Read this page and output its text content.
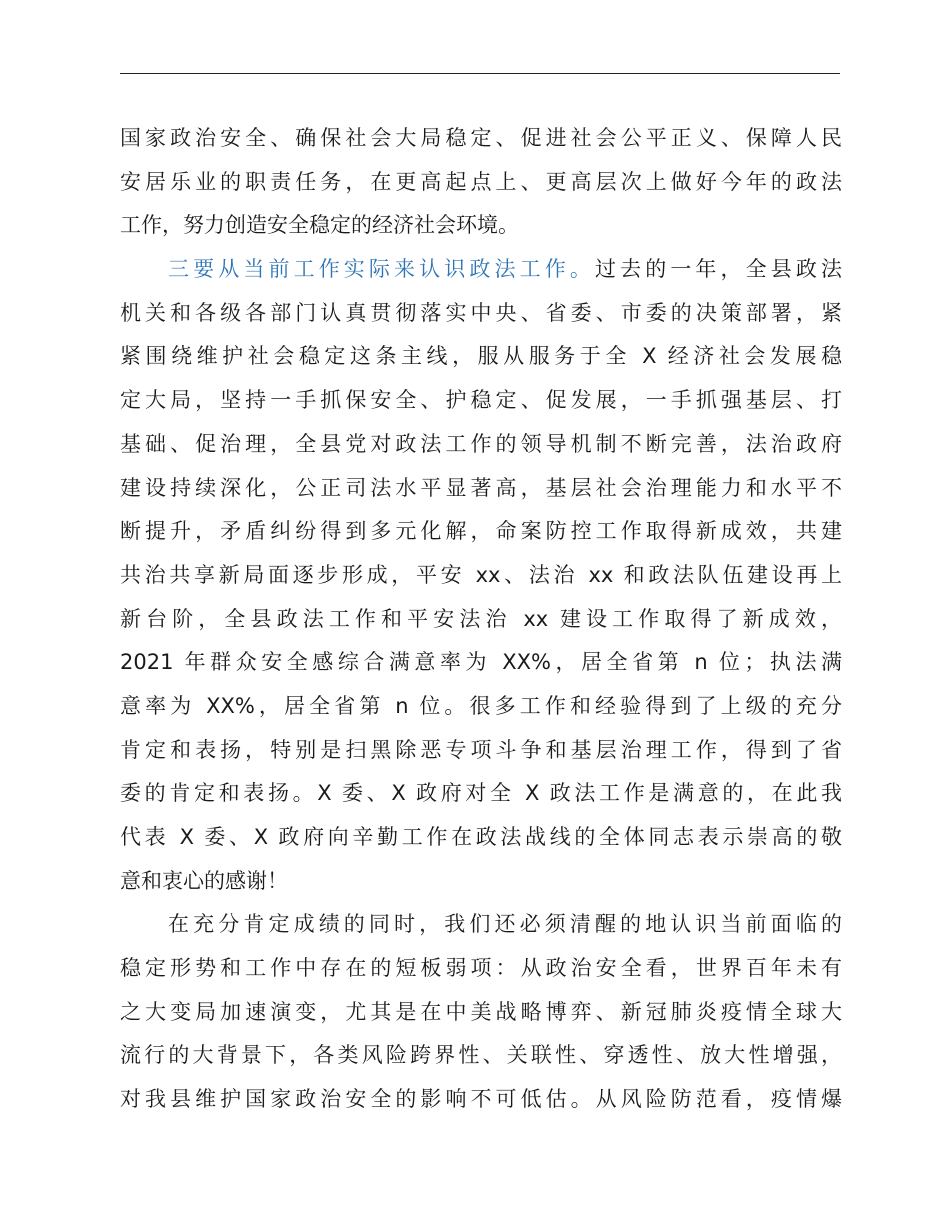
国家政治安全、确保社会大局稳定、促进社会公平正义、保障人民
安居乐业的职责任务，在更高起点上、更高层次上做好今年的政法
工作，努力创造安全稳定的经济社会环境。
三要从当前工作实际来认识政法工作。过去的一年，全县政法
机关和各级各部门认真贯彻落实中央、省委、市委的决策部署，紧
紧围绕维护社会稳定这条主线，服从服务于全 X 经济社会发展稳
定大局，坚持一手抓保安全、护稳定、促发展，一手抓强基层、打
基础、促治理，全县党对政法工作的领导机制不断完善，法治政府
建设持续深化，公正司法水平显著高，基层社会治理能力和水平不
断提升，矛盾纠纷得到多元化解，命案防控工作取得新成效，共建
共治共享新局面逐步形成，平安 xx、法治 xx 和政法队伍建设再上
新台阶，全县政法工作和平安法治 xx 建设工作取得了新成效，
2021 年群众安全感综合满意率为 XX%，居全省第 n 位；执法满
意率为 XX%，居全省第 n 位。很多工作和经验得到了上级的充分
肯定和表扬，特别是扫黑除恶专项斗争和基层治理工作，得到了省
委的肯定和表扬。X 委、X 政府对全 X 政法工作是满意的，在此我
代表 X 委、X 政府向辛勤工作在政法战线的全体同志表示崇高的敬
意和衷心的感谢！
在充分肯定成绩的同时，我们还必须清醒的地认识当前面临的
稳定形势和工作中存在的短板弱项：从政治安全看，世界百年未有
之大变局加速演变，尤其是在中美战略博弈、新冠肺炎疫情全球大
流行的大背景下，各类风险跨界性、关联性、穿透性、放大性增强，
对我县维护国家政治安全的影响不可低估。从风险防范看，疫情爆
